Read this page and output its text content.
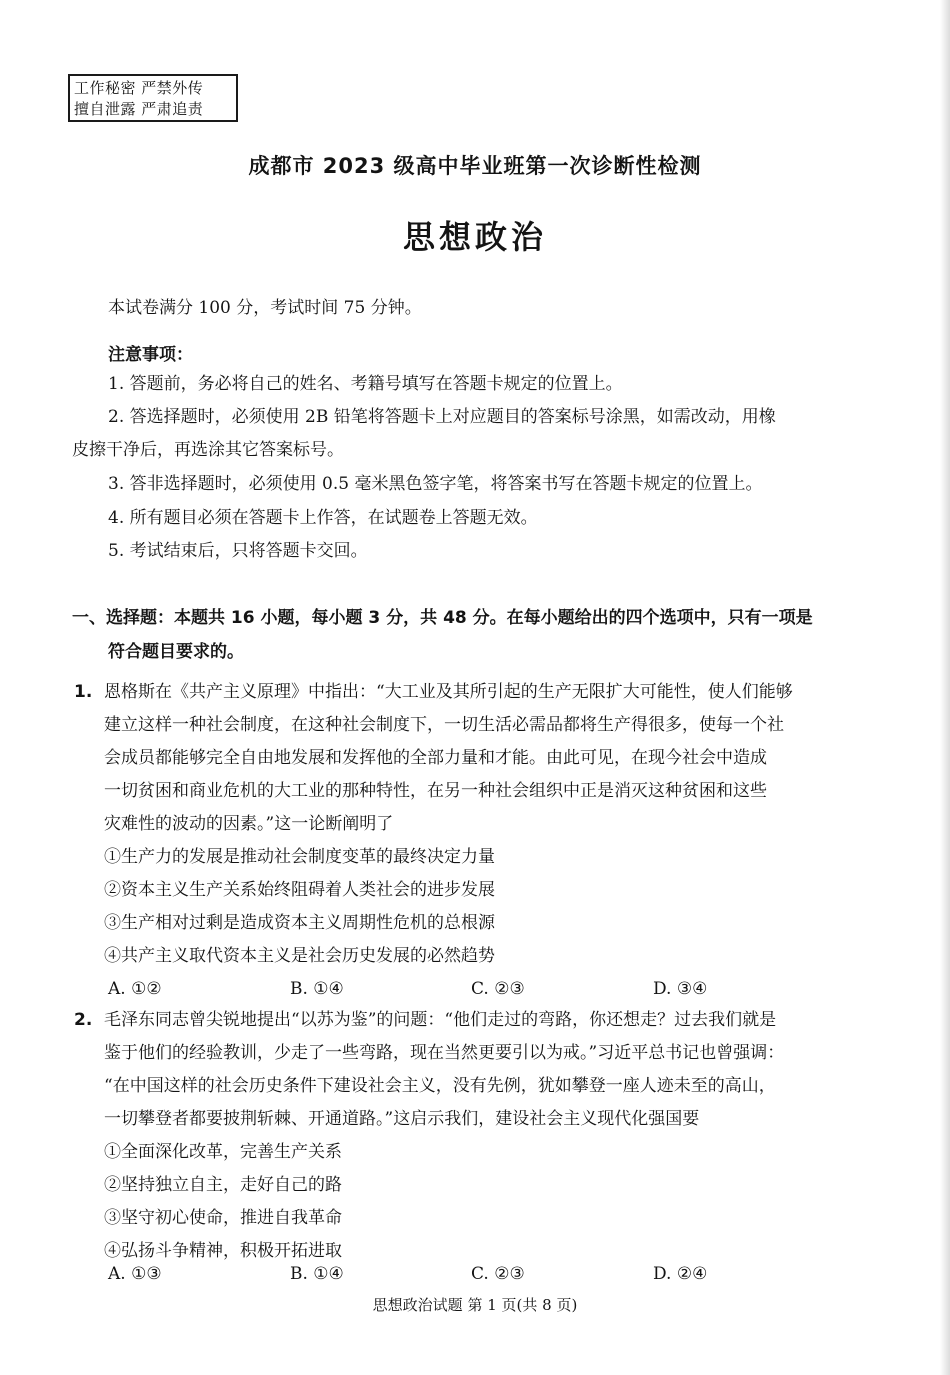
工作秘密 严禁外传
擅自泄露 严肃追责
成都市 2023 级高中毕业班第一次诊断性检测
思想政治
本试卷满分 100 分，考试时间 75 分钟。
注意事项：
1. 答题前，务必将自己的姓名、考籍号填写在答题卡规定的位置上。
2. 答选择题时，必须使用 2B 铅笔将答题卡上对应题目的答案标号涂黑，如需改动，用橡
皮擦干净后，再选涂其它答案标号。
3. 答非选择题时，必须使用 0.5 毫米黑色签字笔，将答案书写在答题卡规定的位置上。
4. 所有题目必须在答题卡上作答，在试题卷上答题无效。
5. 考试结束后，只将答题卡交回。
一、选择题：本题共 16 小题，每小题 3 分，共 48 分。在每小题给出的四个选项中，只有一项是
符合题目要求的。
1. 恩格斯在《共产主义原理》中指出：“大工业及其所引起的生产无限扩大可能性，使人们能够
建立这样一种社会制度，在这种社会制度下，一切生活必需品都将生产得很多，使每一个社
会成员都能够完全自由地发展和发挥他的全部力量和才能。由此可见，在现今社会中造成
一切贫困和商业危机的大工业的那种特性，在另一种社会组织中正是消灭这种贫困和这些
灾难性的波动的因素。”这一论断阐明了
①生产力的发展是推动社会制度变革的最终决定力量
②资本主义生产关系始终阻碍着人类社会的进步发展
③生产相对过剩是造成资本主义周期性危机的总根源
④共产主义取代资本主义是社会历史发展的必然趋势
A. ①②	B. ①④	C. ②③	D. ③④
2. 毛泽东同志曾尖锐地提出“以苏为鉴”的问题：“他们走过的弯路，你还想走？过去我们就是
鉴于他们的经验教训，少走了一些弯路，现在当然更要引以为戒。”习近平总书记也曾强调：
“在中国这样的社会历史条件下建设社会主义，没有先例，犹如攀登一座人迹未至的高山，
一切攀登者都要披荆斩棘、开通道路。”这启示我们，建设社会主义现代化强国要
①全面深化改革，完善生产关系
②坚持独立自主，走好自己的路
③坚守初心使命，推进自我革命
④弘扬斗争精神，积极开拓进取
A. ①③	B. ①④	C. ②③	D. ②④
思想政治试题 第 1 页(共 8 页)
